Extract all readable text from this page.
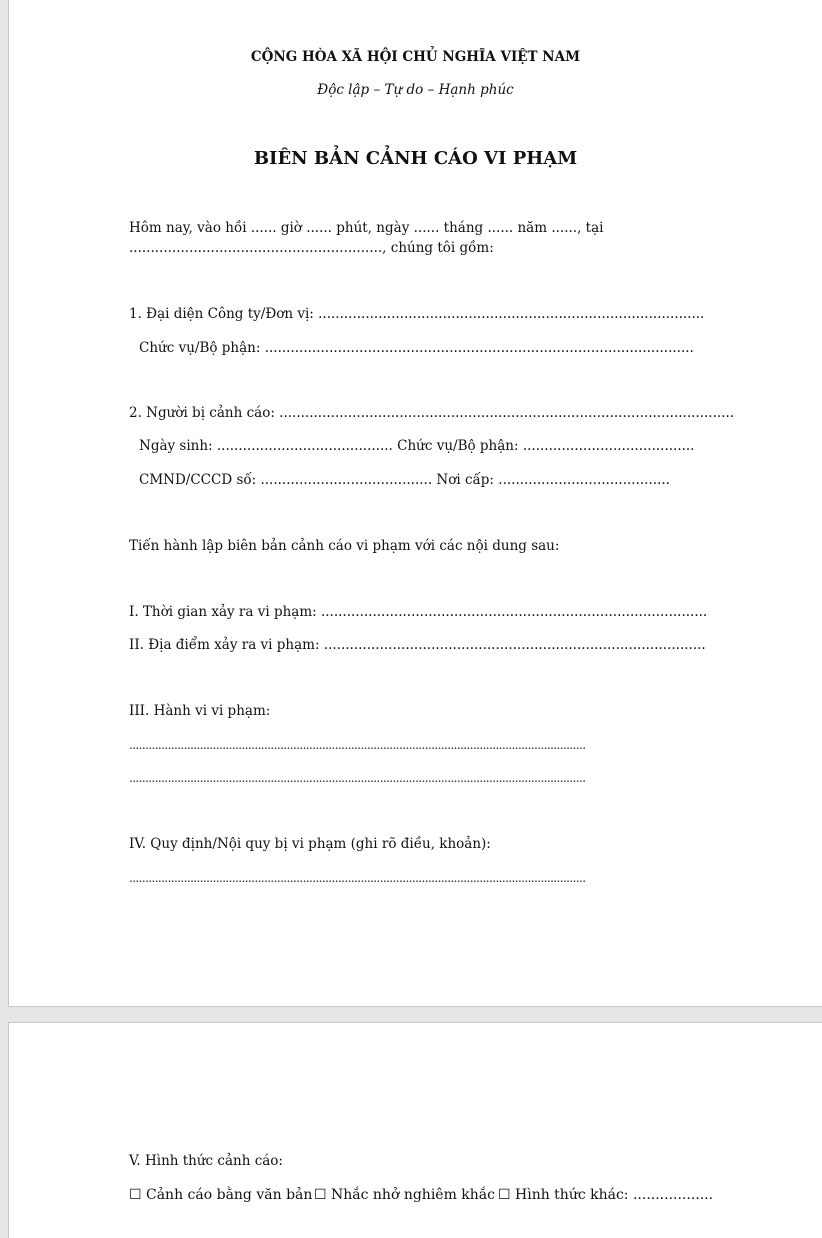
CỘNG HÒA XÃ HỘI CHỦ NGHĨA VIỆT NAM

Độc lập – Tự do – Hạnh phúc

BIÊN BẢN CẢNH CÁO VI PHẠM

Hôm nay, vào hồi ...... giờ ...... phút, ngày ...... tháng ...... năm ......, tại

..........................................................., chúng tôi gồm:

1. Đại diện Công ty/Đơn vị: ..........................................................................................

Chức vụ/Bộ phận: ....................................................................................................

2. Người bị cảnh cáo: ..........................................................................................................

Ngày sinh: ......................................... Chức vụ/Bộ phận: ........................................

CMND/CCCD số: ........................................ Nơi cấp: ........................................

Tiến hành lập biên bản cảnh cáo vi phạm với các nội dung sau:

I. Thời gian xảy ra vi phạm: ..........................................................................................

II. Địa điểm xảy ra vi phạm: .........................................................................................

III. Hành vi vi phạm:

..............................................................................................................................................

..............................................................................................................................................

IV. Quy định/Nội quy bị vi phạm (ghi rõ điều, khoản):

..............................................................................................................................................

V. Hình thức cảnh cáo:

☐ Cảnh cáo bằng văn bản ☐ Nhắc nhở nghiêm khắc ☐ Hình thức khác: ..................
